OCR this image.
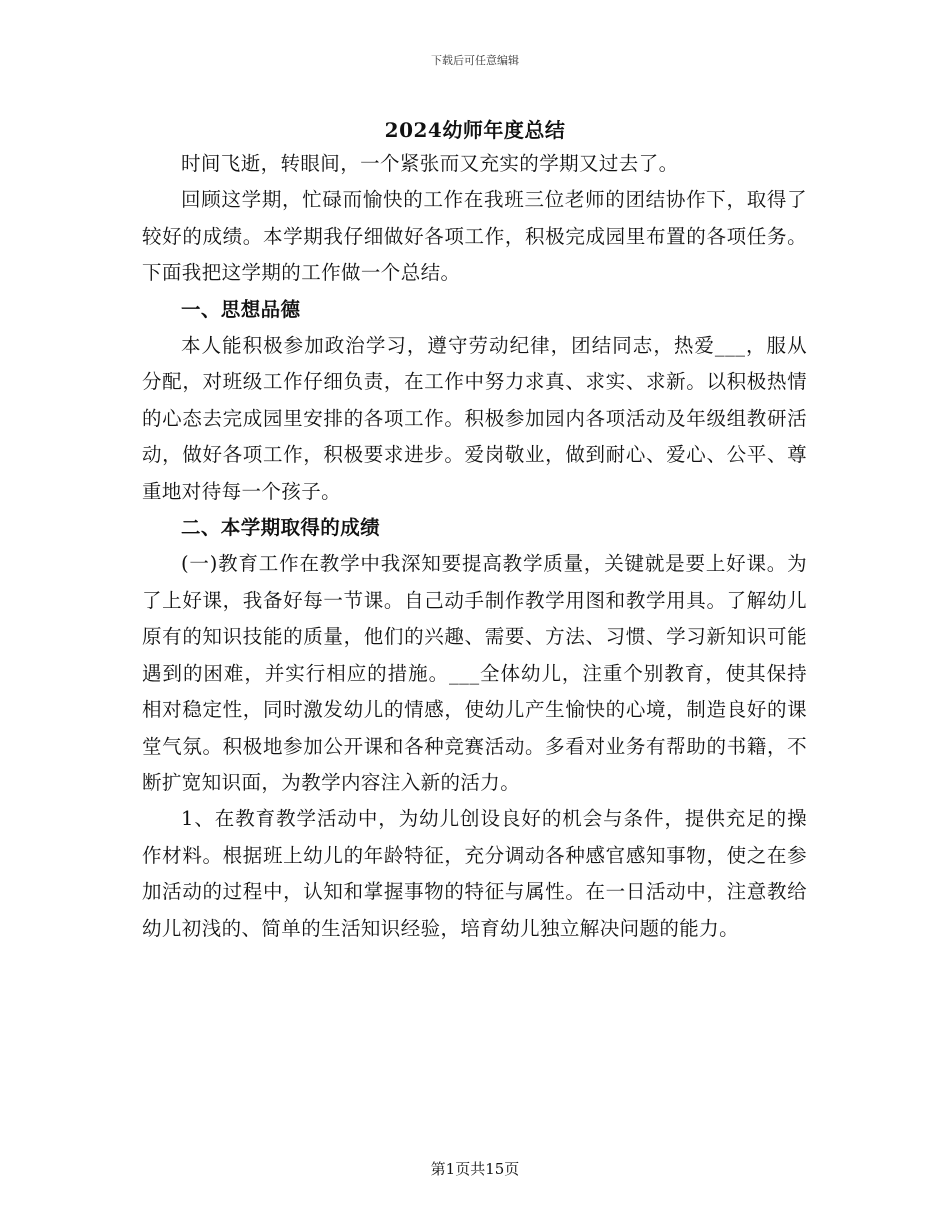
下载后可任意编辑
2024幼师年度总结

时间飞逝，转眼间，一个紧张而又充实的学期又过去了。

回顾这学期，忙碌而愉快的工作在我班三位老师的团结协作下，取得了较好的成绩。本学期我仔细做好各项工作，积极完成园里布置的各项任务。下面我把这学期的工作做一个总结。

一、思想品德

本人能积极参加政治学习，遵守劳动纪律，团结同志，热爱___，服从分配，对班级工作仔细负责，在工作中努力求真、求实、求新。以积极热情的心态去完成园里安排的各项工作。积极参加园内各项活动及年级组教研活动，做好各项工作，积极要求进步。爱岗敬业，做到耐心、爱心、公平、尊重地对待每一个孩子。

二、本学期取得的成绩

(一)教育工作在教学中我深知要提高教学质量，关键就是要上好课。为了上好课，我备好每一节课。自己动手制作教学用图和教学用具。了解幼儿原有的知识技能的质量，他们的兴趣、需要、方法、习惯、学习新知识可能遇到的困难，并实行相应的措施。___全体幼儿，注重个别教育，使其保持相对稳定性，同时激发幼儿的情感，使幼儿产生愉快的心境，制造良好的课堂气氛。积极地参加公开课和各种竞赛活动。多看对业务有帮助的书籍，不断扩宽知识面，为教学内容注入新的活力。

1、在教育教学活动中，为幼儿创设良好的机会与条件，提供充足的操作材料。根据班上幼儿的年龄特征，充分调动各种感官感知事物，使之在参加活动的过程中，认知和掌握事物的特征与属性。在一日活动中，注意教给幼儿初浅的、简单的生活知识经验，培育幼儿独立解决问题的能力。

第1页共15页
